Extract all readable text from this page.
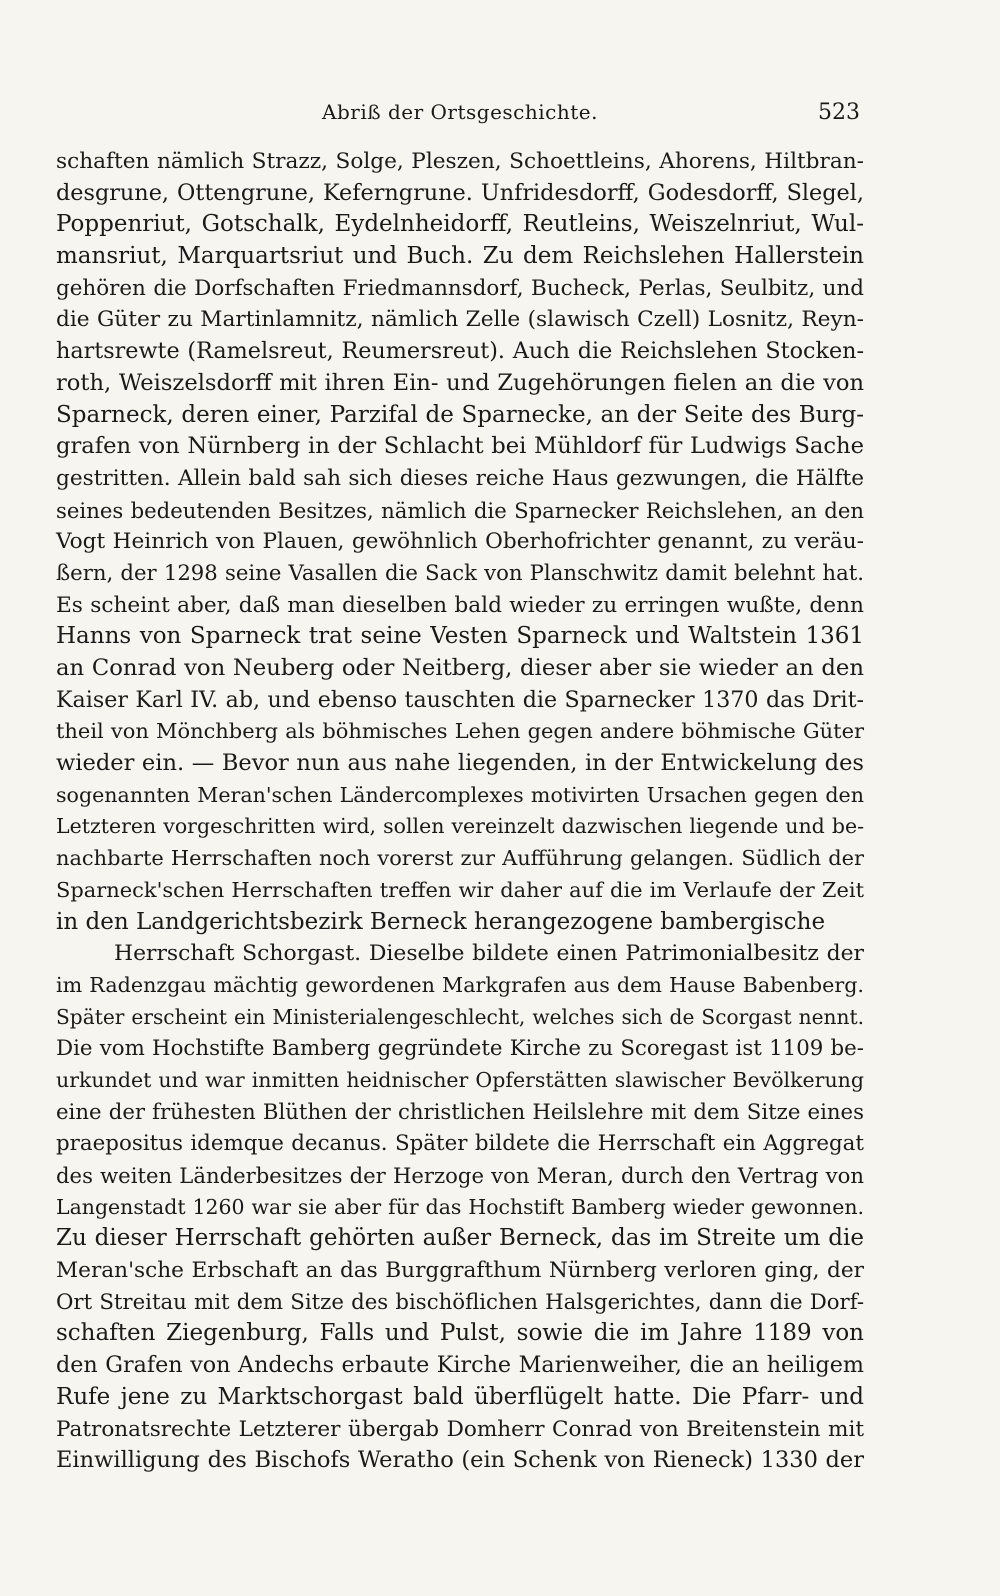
Abriß der Ortsgeschichte.	523
schaften nämlich Strazz, Solge, Pleszen, Schoettleins, Ahorens, Hiltbran-
desgrune, Ottengrune, Keferngrune. Unfridesdorff, Godesdorff, Slegel,
Poppenriut, Gotschalk, Eydelnheidorff, Reutleins, Weiszelnriut, Wul-
mansriut, Marquartsriut und Buch. Zu dem Reichslehen Hallerstein
gehören die Dorfschaften Friedmannsdorf, Bucheck, Perlas, Seulbitz, und
die Güter zu Martinlamnitz, nämlich Zelle (slawisch Czell) Losnitz, Reyn-
hartsrewte (Ramelsreut, Reumersreut). Auch die Reichslehen Stocken-
roth, Weiszelsdorff mit ihren Ein- und Zugehörungen fielen an die von
Sparneck, deren einer, Parzifal de Sparnecke, an der Seite des Burg-
grafen von Nürnberg in der Schlacht bei Mühldorf für Ludwigs Sache
gestritten. Allein bald sah sich dieses reiche Haus gezwungen, die Hälfte
seines bedeutenden Besitzes, nämlich die Sparnecker Reichslehen, an den
Vogt Heinrich von Plauen, gewöhnlich Oberhofrichter genannt, zu veräu-
ßern, der 1298 seine Vasallen die Sack von Planschwitz damit belehnt hat.
Es scheint aber, daß man dieselben bald wieder zu erringen wußte, denn
Hanns von Sparneck trat seine Vesten Sparneck und Waltstein 1361
an Conrad von Neuberg oder Neitberg, dieser aber sie wieder an den
Kaiser Karl IV. ab, und ebenso tauschten die Sparnecker 1370 das Drit-
theil von Mönchberg als böhmisches Lehen gegen andere böhmische Güter
wieder ein. — Bevor nun aus nahe liegenden, in der Entwickelung des
sogenannten Meran'schen Ländercomplexes motivirten Ursachen gegen den
Letzteren vorgeschritten wird, sollen vereinzelt dazwischen liegende und be-
nachbarte Herrschaften noch vorerst zur Aufführung gelangen. Südlich der
Sparneck'schen Herrschaften treffen wir daher auf die im Verlaufe der Zeit
in den Landgerichtsbezirk Berneck herangezogene bambergische
Herrschaft Schorgast. Dieselbe bildete einen Patrimonialbesitz der
im Radenzgau mächtig gewordenen Markgrafen aus dem Hause Babenberg.
Später erscheint ein Ministerialengeschlecht, welches sich de Scorgast nennt.
Die vom Hochstifte Bamberg gegründete Kirche zu Scoregast ist 1109 be-
urkundet und war inmitten heidnischer Opferstätten slawischer Bevölkerung
eine der frühesten Blüthen der christlichen Heilslehre mit dem Sitze eines
praepositus idemque decanus. Später bildete die Herrschaft ein Aggregat
des weiten Länderbesitzes der Herzoge von Meran, durch den Vertrag von
Langenstadt 1260 war sie aber für das Hochstift Bamberg wieder gewonnen.
Zu dieser Herrschaft gehörten außer Berneck, das im Streite um die
Meran'sche Erbschaft an das Burggrafthum Nürnberg verloren ging, der
Ort Streitau mit dem Sitze des bischöflichen Halsgerichtes, dann die Dorf-
schaften Ziegenburg, Falls und Pulst, sowie die im Jahre 1189 von
den Grafen von Andechs erbaute Kirche Marienweiher, die an heiligem
Rufe jene zu Marktschorgast bald überflügelt hatte. Die Pfarr- und
Patronatsrechte Letzterer übergab Domherr Conrad von Breitenstein mit
Einwilligung des Bischofs Weratho (ein Schenk von Rieneck) 1330 der
